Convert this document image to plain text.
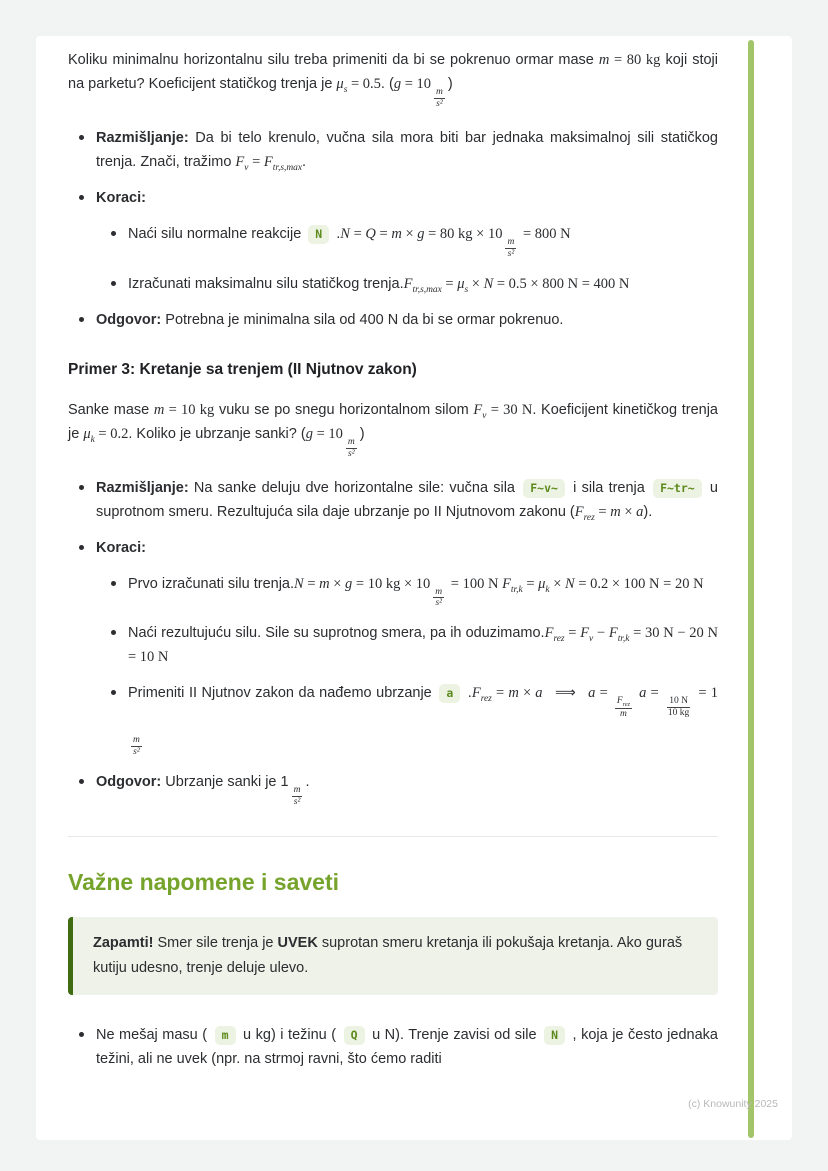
Koliku minimalnu horizontalnu silu treba primeniti da bi se pokrenuo ormar mase m = 80 kg koji stoji na parketu? Koeficijent statičkog trenja je $\mu_s = 0.5$. (g = 10
$\frac{m}{\text{s²}}$
)

Razmišljanje: Da bi telo krenulo, vučna sila mora biti bar jednaka maksimalnoj sili statičkog trenja. Znači, tražimo $F_v = F_{tr,s,max}$.
Koraci:
Naći silu normalne reakcije N .N = Q = m × g = 80 kg × 10
$\frac{m}{\text{s²}}$
= 800 N
Izračunati maksimalnu silu statičkog $trenja.F_{tr,s,max} = \mu_s \times N = 0.5 \times 800$ N = 400 N
Odgovor: Potrebna je minimalna sila od 400 N da bi se ormar pokrenuo.
Primer 3: Kretanje sa trenjem (II Njutnov zakon)

Sanke mase m = 10 kg vuku se po snegu horizontalnom silom $F_v = 30$ N. Koeficijent kinetičkog trenja je $\mu_k = 0.2$. Koliko je ubrzanje sanki? (g = 10
$\frac{m}{\text{s²}}$
)

Razmišljanje: Na sanke deluju dve horizontalne sile: vučna sila F~v~ i sila trenja F~tr~ u suprotnom smeru. Rezultujuća sila daje ubrzanje po II Njutnovom zakonu $(F_{rez} = m \times a)$.
Koraci:
Prvo izračunati silu trenja.N = m × g = 10 kg × 10
$\frac{m}{\text{s²}}$
= 100 N $F_{tr,k} = \mu_k \times N = 0.2 \times 100$ N = 20 N
Naći rezultujuću silu. Sile su suprotnog smera, pa ih $oduzimamo.F_{rez} = F_v - F_{tr,k} = 30$ N − 20 N = 10 N
Primeniti II Njutnov zakon da nađemo ubrzanje a $.F_{rez} = m \times a$   ⟹   a =
$\frac{F_{rez}}{m}$
a =
$\frac{10 N}{10 kg}$
= 1
$\frac{m}{\text{s²}}$
Odgovor: Ubrzanje sanki je 1
$\frac{m}{\text{s²}}$
.
Važne napomene i saveti
Zapamti! Smer sile trenja je UVEK suprotan smeru kretanja ili pokušaja kretanja. Ako guraš kutiju udesno, trenje deluje ulevo.
Ne mešaj masu ( m u kg) i težinu ( Q u N). Trenje zavisi od sile N , koja je često jednaka težini, ali ne uvek (npr. na strmoj ravni, što ćemo raditi
(c) Knowunity 2025
